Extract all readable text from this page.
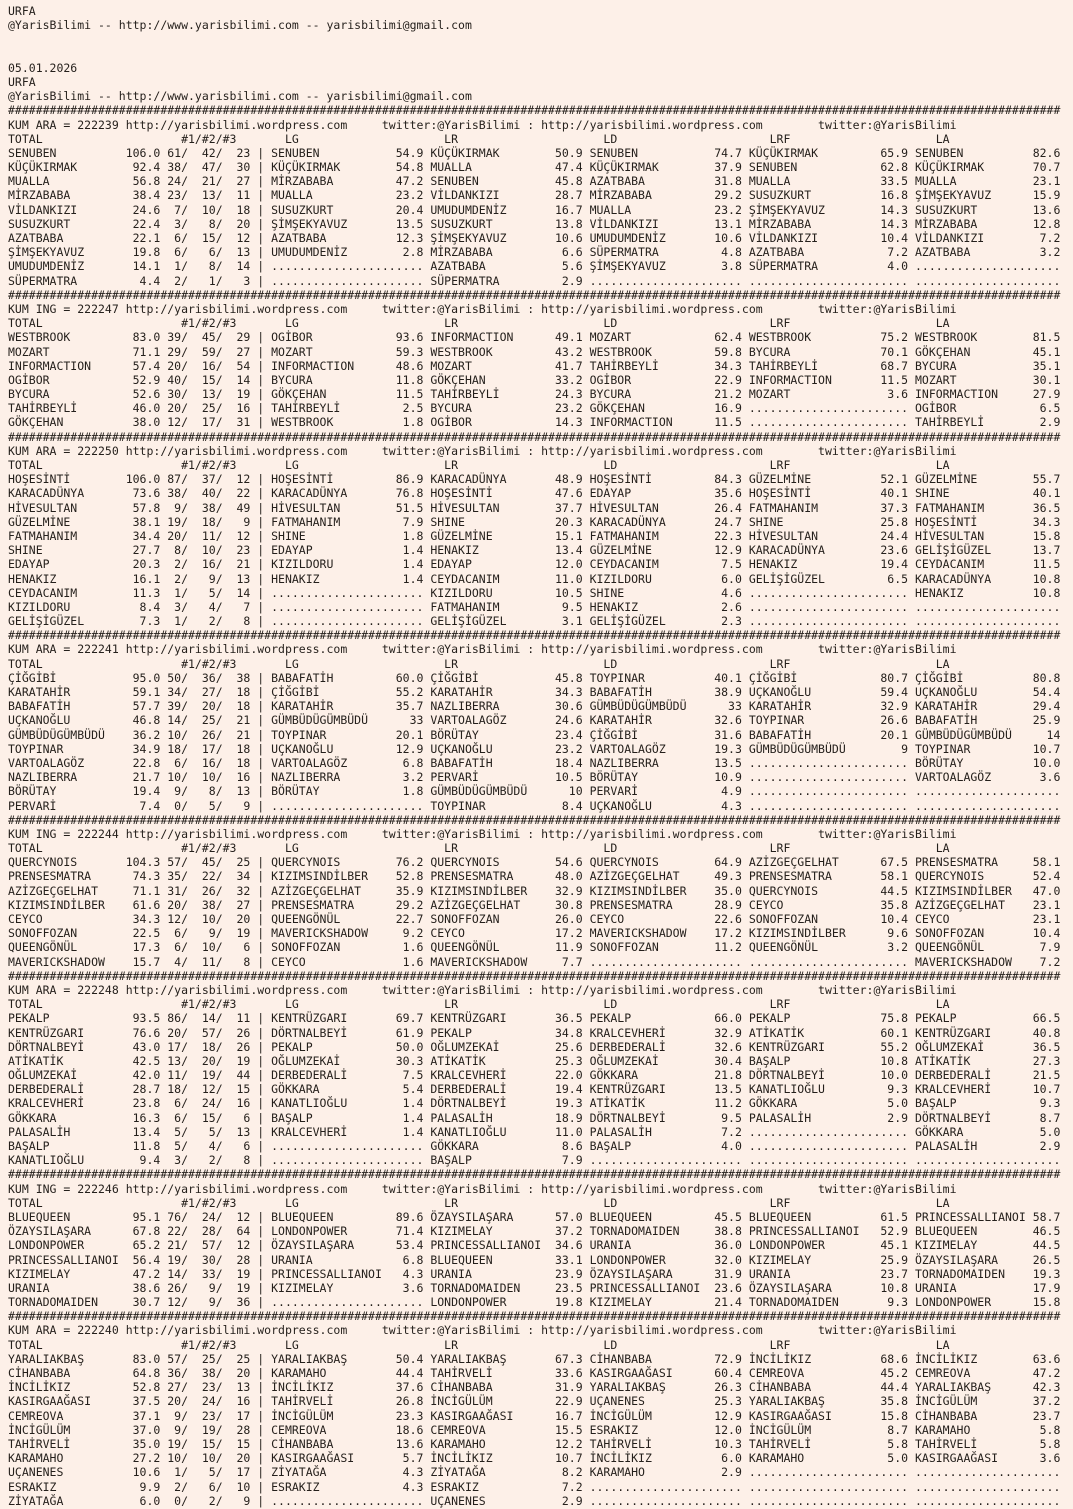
URFA
@YarisBilimi -- http://www.yarisbilimi.com -- yarisbilimi@gmail.com
05.01.2026
URFA
@YarisBilimi -- http://www.yarisbilimi.com -- yarisbilimi@gmail.com
########################################################################################################################################################
KUM ARA = 222239 http://yarisbilimi.wordpress.com     twitter:@YarisBilimi : http://yarisbilimi.wordpress.com        twitter:@YarisBilimi
TOTAL                    #1/#2/#3       LG                     LR                     LD                      LRF                     LA
SENUBEN          106.0 61/  42/  23 | SENUBEN           54.9 KÜÇÜKIRMAK        50.9 SENUBEN           74.7 KÜÇÜKIRMAK         65.9 SENUBEN          82.6
KÜÇÜKIRMAK        92.4 38/  47/  30 | KÜÇÜKIRMAK        54.8 MUALLA            47.4 KÜÇÜKIRMAK        37.9 SENUBEN            62.8 KÜÇÜKIRMAK       70.7
MUALLA            56.8 24/  21/  27 | MİRZABABA         47.2 SENUBEN           45.8 AZATBABA          31.8 MUALLA             33.5 MUALLA           23.1
MİRZABABA         38.4 23/  13/  11 | MUALLA            23.2 VİLDANKIZI        28.7 MİRZABABA         29.2 SUSUZKURT          16.8 ŞİMŞEKYAVUZ      15.9
VİLDANKIZI        24.6  7/  10/  18 | SUSUZKURT         20.4 UMUDUMDENİZ       16.7 MUALLA            23.2 ŞİMŞEKYAVUZ        14.3 SUSUZKURT        13.6
SUSUZKURT         22.4  3/   8/  20 | ŞİMŞEKYAVUZ       13.5 SUSUZKURT         13.8 VİLDANKIZI        13.1 MİRZABABA          14.3 MİRZABABA        12.8
AZATBABA          22.1  6/  15/  12 | AZATBABA          12.3 ŞİMŞEKYAVUZ       10.6 UMUDUMDENİZ       10.6 VİLDANKIZI         10.4 VİLDANKIZI        7.2
ŞİMŞEKYAVUZ       19.8  6/   6/  13 | UMUDUMDENİZ        2.8 MİRZABABA          6.6 SÜPERMATRA         4.8 AZATBABA            7.2 AZATBABA          3.2
UMUDUMDENİZ       14.1  1/   8/  14 | ...................... AZATBABA           5.6 ŞİMŞEKYAVUZ        3.8 SÜPERMATRA          4.0 .....................
SÜPERMATRA         4.4  2/   1/   3 | ...................... SÜPERMATRA         2.9 ...................... ....................... .....................
########################################################################################################################################################
KUM ING = 222247 http://yarisbilimi.wordpress.com     twitter:@YarisBilimi : http://yarisbilimi.wordpress.com        twitter:@YarisBilimi
TOTAL                    #1/#2/#3       LG                     LR                     LD                      LRF                     LA
WESTBROOK         83.0 39/  45/  29 | OGİBOR            93.6 INFORMACTION      49.1 MOZART            62.4 WESTBROOK          75.2 WESTBROOK        81.5
MOZART            71.1 29/  59/  27 | MOZART            59.3 WESTBROOK         43.2 WESTBROOK         59.8 BYCURA             70.1 GÖKÇEHAN         45.1
INFORMACTION      57.4 20/  16/  54 | INFORMACTION      48.6 MOZART            41.7 TAHİRBEYLİ        34.3 TAHİRBEYLİ         68.7 BYCURA           35.1
OGİBOR            52.9 40/  15/  14 | BYCURA            11.8 GÖKÇEHAN          33.2 OGİBOR            22.9 INFORMACTION       11.5 MOZART           30.1
BYCURA            52.6 30/  13/  19 | GÖKÇEHAN          11.5 TAHİRBEYLİ        24.3 BYCURA            21.2 MOZART              3.6 INFORMACTION     27.9
TAHİRBEYLİ        46.0 20/  25/  16 | TAHİRBEYLİ         2.5 BYCURA            23.2 GÖKÇEHAN          16.9 ....................... OGİBOR            6.5
GÖKÇEHAN          38.0 12/  17/  31 | WESTBROOK          1.8 OGİBOR            14.3 INFORMACTION      11.5 ....................... TAHİRBEYLİ        2.9
########################################################################################################################################################
KUM ARA = 222250 http://yarisbilimi.wordpress.com     twitter:@YarisBilimi : http://yarisbilimi.wordpress.com        twitter:@YarisBilimi
TOTAL                    #1/#2/#3       LG                     LR                     LD                      LRF                     LA
HOŞESİNTİ        106.0 87/  37/  12 | HOŞESİNTİ         86.9 KARACADÜNYA       48.9 HOŞESİNTİ         84.3 GÜZELMİNE          52.1 GÜZELMİNE        55.7
KARACADÜNYA       73.6 38/  40/  22 | KARACADÜNYA       76.8 HOŞESİNTİ         47.6 EDAYAP            35.6 HOŞESİNTİ          40.1 SHINE            40.1
HİVESULTAN        57.8  9/  38/  49 | HİVESULTAN        51.5 HİVESULTAN        37.7 HİVESULTAN        26.4 FATMAHANIM         37.3 FATMAHANIM       36.5
GÜZELMİNE         38.1 19/  18/   9 | FATMAHANIM         7.9 SHINE             20.3 KARACADÜNYA       24.7 SHINE              25.8 HOŞESİNTİ        34.3
FATMAHANIM        34.4 20/  11/  12 | SHINE              1.8 GÜZELMİNE         15.1 FATMAHANIM        22.3 HİVESULTAN         24.4 HİVESULTAN       15.8
SHINE             27.7  8/  10/  23 | EDAYAP             1.4 HENAKIZ           13.4 GÜZELMİNE         12.9 KARACADÜNYA        23.6 GELİŞİGÜZEL      13.7
EDAYAP            20.3  2/  16/  21 | KIZILDORU          1.4 EDAYAP            12.0 CEYDACANIM         7.5 HENAKIZ            19.4 CEYDACANIM       11.5
HENAKIZ           16.1  2/   9/  13 | HENAKIZ            1.4 CEYDACANIM        11.0 KIZILDORU          6.0 GELİŞİGÜZEL         6.5 KARACADÜNYA      10.8
CEYDACANIM        11.3  1/   5/  14 | ...................... KIZILDORU         10.5 SHINE              4.6 ....................... HENAKIZ          10.8
KIZILDORU          8.4  3/   4/   7 | ...................... FATMAHANIM         9.5 HENAKIZ            2.6 ....................... .....................
GELİŞİGÜZEL        7.3  1/   2/   8 | ...................... GELİŞİGÜZEL        3.1 GELİŞİGÜZEL        2.3 ....................... .....................
########################################################################################################################################################
KUM ARA = 222241 http://yarisbilimi.wordpress.com     twitter:@YarisBilimi : http://yarisbilimi.wordpress.com        twitter:@YarisBilimi
TOTAL                    #1/#2/#3       LG                     LR                     LD                      LRF                     LA
ÇİĞGİBİ           95.0 50/  36/  38 | BABAFATİH         60.0 ÇİĞGİBİ           45.8 TOYPINAR          40.1 ÇİĞGİBİ            80.7 ÇİĞGİBİ          80.8
KARATAHİR         59.1 34/  27/  18 | ÇİĞGİBİ           55.2 KARATAHİR         34.3 BABAFATİH         38.9 UÇKANOĞLU          59.4 UÇKANOĞLU        54.4
BABAFATİH         57.7 39/  20/  18 | KARATAHİR         35.7 NAZLIBERRA        30.6 GÜMBÜDÜGÜMBÜDÜ      33 KARATAHİR          32.9 KARATAHİR        29.4
UÇKANOĞLU         46.8 14/  25/  21 | GÜMBÜDÜGÜMBÜDÜ      33 VARTOALAGÖZ       24.6 KARATAHİR         32.6 TOYPINAR           26.6 BABAFATİH        25.9
GÜMBÜDÜGÜMBÜDÜ    36.2 10/  26/  21 | TOYPINAR          20.1 BÖRÜTAY           23.4 ÇİĞGİBİ           31.6 BABAFATİH          20.1 GÜMBÜDÜGÜMBÜDÜ     14
TOYPINAR          34.9 18/  17/  18 | UÇKANOĞLU         12.9 UÇKANOĞLU         23.2 VARTOALAGÖZ       19.3 GÜMBÜDÜGÜMBÜDÜ        9 TOYPINAR         10.7
VARTOALAGÖZ       22.8  6/  16/  18 | VARTOALAGÖZ        6.8 BABAFATİH         18.4 NAZLIBERRA        13.5 ....................... BÖRÜTAY          10.0
NAZLIBERRA        21.7 10/  10/  16 | NAZLIBERRA         3.2 PERVARİ           10.5 BÖRÜTAY           10.9 ....................... VARTOALAGÖZ       3.6
BÖRÜTAY           19.4  9/   8/  13 | BÖRÜTAY            1.8 GÜMBÜDÜGÜMBÜDÜ      10 PERVARİ            4.9 ....................... .....................
PERVARİ            7.4  0/   5/   9 | ...................... TOYPINAR           8.4 UÇKANOĞLU          4.3 ....................... .....................
########################################################################################################################################################
KUM ING = 222244 http://yarisbilimi.wordpress.com     twitter:@YarisBilimi : http://yarisbilimi.wordpress.com        twitter:@YarisBilimi
TOTAL                    #1/#2/#3       LG                     LR                     LD                      LRF                     LA
QUERCYNOIS       104.3 57/  45/  25 | QUERCYNOIS        76.2 QUERCYNOIS        54.6 QUERCYNOIS        64.9 AZİZGEÇGELHAT      67.5 PRENSESMATRA     58.1
PRENSESMATRA      74.3 35/  22/  34 | KIZIMSINDİLBER    52.8 PRENSESMATRA      48.0 AZİZGEÇGELHAT     49.3 PRENSESMATRA       58.1 QUERCYNOIS       52.4
AZİZGEÇGELHAT     71.1 31/  26/  32 | AZİZGEÇGELHAT     35.9 KIZIMSINDİLBER    32.9 KIZIMSINDİLBER    35.0 QUERCYNOIS         44.5 KIZIMSINDİLBER   47.0
KIZIMSINDİLBER    61.6 20/  38/  27 | PRENSESMATRA      29.2 AZİZGEÇGELHAT     30.8 PRENSESMATRA      28.9 CEYCO              35.8 AZİZGEÇGELHAT    23.1
CEYCO             34.3 12/  10/  20 | QUEENGÖNÜL        22.7 SONOFFOZAN        26.0 CEYCO             22.6 SONOFFOZAN         10.4 CEYCO            23.1
SONOFFOZAN        22.5  6/   9/  19 | MAVERICKSHADOW     9.2 CEYCO             17.2 MAVERICKSHADOW    17.2 KIZIMSINDİLBER      9.6 SONOFFOZAN       10.4
QUEENGÖNÜL        17.3  6/  10/   6 | SONOFFOZAN         1.6 QUEENGÖNÜL        11.9 SONOFFOZAN        11.2 QUEENGÖNÜL          3.2 QUEENGÖNÜL        7.9
MAVERICKSHADOW    15.7  4/  11/   8 | CEYCO              1.6 MAVERICKSHADOW     7.7 ...................... ....................... MAVERICKSHADOW    7.2
########################################################################################################################################################
KUM ARA = 222248 http://yarisbilimi.wordpress.com     twitter:@YarisBilimi : http://yarisbilimi.wordpress.com        twitter:@YarisBilimi
TOTAL                    #1/#2/#3       LG                     LR                     LD                      LRF                     LA
PEKALP            93.5 86/  14/  11 | KENTRÜZGARI       69.7 KENTRÜZGARI       36.5 PEKALP            66.0 PEKALP             75.8 PEKALP           66.5
KENTRÜZGARI       76.6 20/  57/  26 | DÖRTNALBEYİ       61.9 PEKALP            34.8 KRALCEVHERİ       32.9 ATİKATİK           60.1 KENTRÜZGARI      40.8
DÖRTNALBEYİ       43.0 17/  18/  26 | PEKALP            50.0 OĞLUMZEKAİ        25.6 DERBEDERALİ       32.6 KENTRÜZGARI        55.2 OĞLUMZEKAİ       36.5
ATİKATİK          42.5 13/  20/  19 | OĞLUMZEKAİ        30.3 ATİKATİK          25.3 OĞLUMZEKAİ        30.4 BAŞALP             10.8 ATİKATİK         27.3
OĞLUMZEKAİ        42.0 11/  19/  44 | DERBEDERALİ        7.5 KRALCEVHERİ       22.0 GÖKKARA           21.8 DÖRTNALBEYİ        10.0 DERBEDERALİ      21.5
DERBEDERALİ       28.7 18/  12/  15 | GÖKKARA            5.4 DERBEDERALİ       19.4 KENTRÜZGARI       13.5 KANATLIOĞLU         9.3 KRALCEVHERİ      10.7
KRALCEVHERİ       23.8  6/  24/  16 | KANATLIOĞLU        1.4 DÖRTNALBEYİ       19.3 ATİKATİK          11.2 GÖKKARA             5.0 BAŞALP            9.3
GÖKKARA           16.3  6/  15/   6 | BAŞALP             1.4 PALASALİH         18.9 DÖRTNALBEYİ        9.5 PALASALİH           2.9 DÖRTNALBEYİ       8.7
PALASALİH         13.4  5/   5/  13 | KRALCEVHERİ        1.4 KANATLIOĞLU       11.0 PALASALİH          7.2 ....................... GÖKKARA           5.0
BAŞALP            11.8  5/   4/   6 | ...................... GÖKKARA            8.6 BAŞALP             4.0 ....................... PALASALİH         2.9
KANATLIOĞLU        9.4  3/   2/   8 | ...................... BAŞALP             7.9 ...................... ....................... .....................
########################################################################################################################################################
KUM ING = 222246 http://yarisbilimi.wordpress.com     twitter:@YarisBilimi : http://yarisbilimi.wordpress.com        twitter:@YarisBilimi
TOTAL                    #1/#2/#3       LG                     LR                     LD                      LRF                     LA
BLUEQUEEN         95.1 76/  24/  12 | BLUEQUEEN         89.6 ÖZAYSILAŞARA      57.0 BLUEQUEEN         45.5 BLUEQUEEN          61.5 PRINCESSALLIANOI 58.7
ÖZAYSILAŞARA      67.8 22/  28/  64 | LONDONPOWER       71.4 KIZIMELAY         37.2 TORNADOMAIDEN     38.8 PRINCESSALLIANOI   52.9 BLUEQUEEN        46.5
LONDONPOWER       65.2 21/  57/  12 | ÖZAYSILAŞARA      53.4 PRINCESSALLIANOI  34.6 URANIA            36.0 LONDONPOWER        45.1 KIZIMELAY        44.5
PRINCESSALLIANOI  56.4 19/  30/  28 | URANIA             6.8 BLUEQUEEN         33.1 LONDONPOWER       32.0 KIZIMELAY          25.9 ÖZAYSILAŞARA     26.5
KIZIMELAY         47.2 14/  33/  19 | PRINCESSALLIANOI   4.3 URANIA            23.9 ÖZAYSILAŞARA      31.9 URANIA             23.7 TORNADOMAIDEN    19.3
URANIA            38.6 26/   9/  19 | KIZIMELAY          3.6 TORNADOMAIDEN     23.5 PRINCESSALLIANOI  23.6 ÖZAYSILAŞARA       10.8 URANIA           17.9
TORNADOMAIDEN     30.7 12/   9/  36 | ...................... LONDONPOWER       19.8 KIZIMELAY         21.4 TORNADOMAIDEN       9.3 LONDONPOWER      15.8
########################################################################################################################################################
KUM ARA = 222240 http://yarisbilimi.wordpress.com     twitter:@YarisBilimi : http://yarisbilimi.wordpress.com        twitter:@YarisBilimi
TOTAL                    #1/#2/#3       LG                     LR                     LD                      LRF                     LA
YARALIAKBAŞ       83.0 57/  25/  25 | YARALIAKBAŞ       50.4 YARALIAKBAŞ       67.3 CİHANBABA         72.9 İNCİLİKIZ          68.6 İNCİLİKIZ        63.6
CİHANBABA         64.8 36/  38/  20 | KARAMAHO          44.4 TAHİRVELİ         33.6 KASIRGAAĞASI      60.4 CEMREOVA           45.2 CEMREOVA         47.2
İNCİLİKIZ         52.8 27/  23/  13 | İNCİLİKIZ         37.6 CİHANBABA         31.9 YARALIAKBAŞ       26.3 CİHANBABA          44.4 YARALIAKBAŞ      42.3
KASIRGAAĞASI      37.5 20/  24/  16 | TAHİRVELİ         26.8 İNCİGÜLÜM         22.9 UÇANENES          25.3 YARALIAKBAŞ        35.8 İNCİGÜLÜM        37.2
CEMREOVA          37.1  9/  23/  17 | İNCİGÜLÜM         23.3 KASIRGAAĞASI      16.7 İNCİGÜLÜM         12.9 KASIRGAAĞASI       15.8 CİHANBABA        23.7
İNCİGÜLÜM         37.0  9/  19/  28 | CEMREOVA          18.6 CEMREOVA          15.5 ESRAKIZ           12.0 İNCİGÜLÜM           8.7 KARAMAHO          5.8
TAHİRVELİ         35.0 19/  15/  15 | CİHANBABA         13.6 KARAMAHO          12.2 TAHİRVELİ         10.3 TAHİRVELİ           5.8 TAHİRVELİ         5.8
KARAMAHO          27.2 10/  10/  20 | KASIRGAAĞASI       5.7 İNCİLİKIZ         10.7 İNCİLİKIZ          6.0 KARAMAHO            5.0 KASIRGAAĞASI      3.6
UÇANENES          10.6  1/   5/  17 | ZİYATAĞA           4.3 ZİYATAĞA           8.2 KARAMAHO           2.9 ....................... .....................
ESRAKIZ            9.9  2/   6/  10 | ESRAKIZ            4.3 ESRAKIZ            7.2 ...................... ....................... .....................
ZİYATAĞA           6.0  0/   2/   9 | ...................... UÇANENES           2.9 ...................... ....................... .....................
